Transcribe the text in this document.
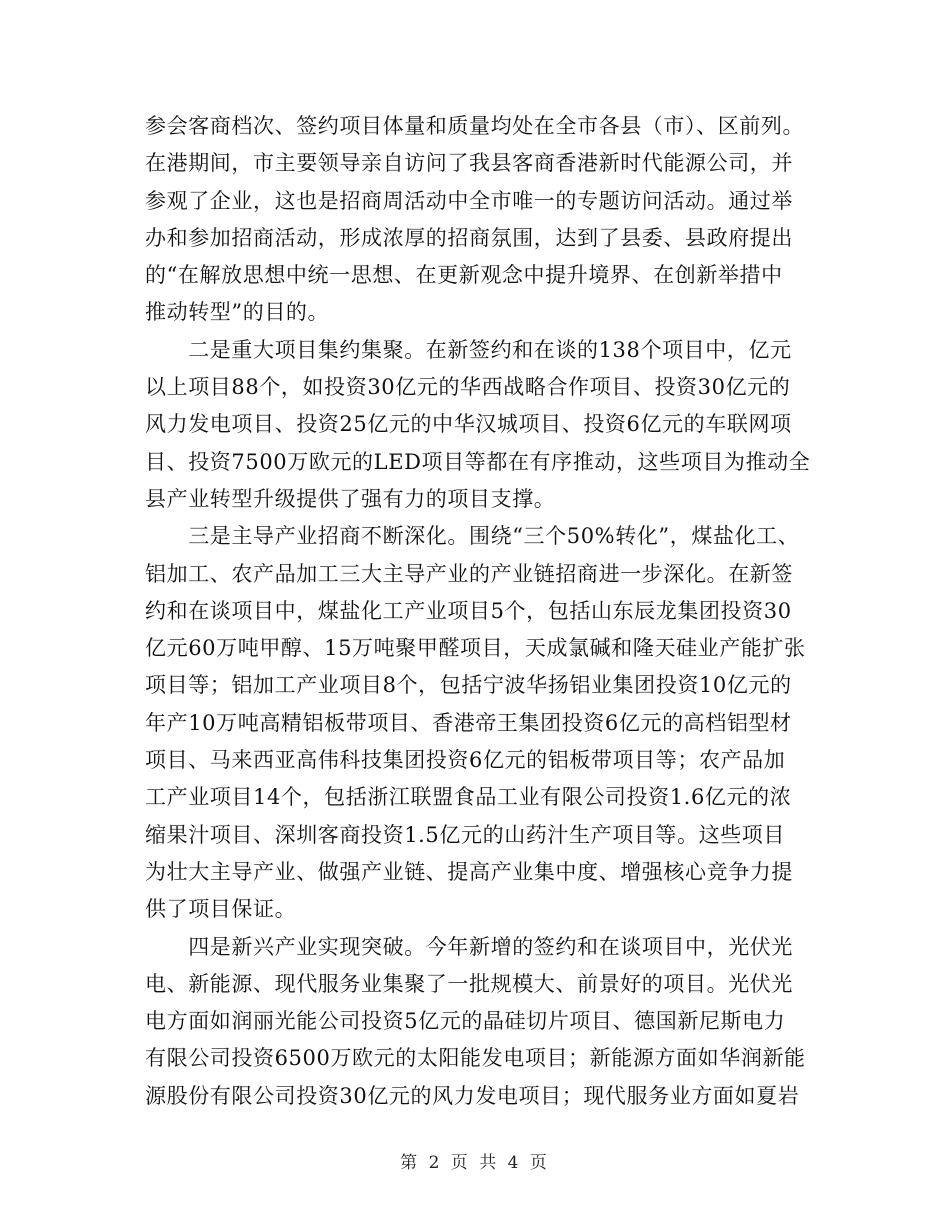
参会客商档次、签约项目体量和质量均处在全市各县（市）、区前列。
在港期间，市主要领导亲自访问了我县客商香港新时代能源公司，并
参观了企业，这也是招商周活动中全市唯一的专题访问活动。通过举
办和参加招商活动，形成浓厚的招商氛围，达到了县委、县政府提出
的“在解放思想中统一思想、在更新观念中提升境界、在创新举措中
推动转型”的目的。
　　二是重大项目集约集聚。在新签约和在谈的138个项目中，亿元
以上项目88个，如投资30亿元的华西战略合作项目、投资30亿元的
风力发电项目、投资25亿元的中华汉城项目、投资6亿元的车联网项
目、投资7500万欧元的LED项目等都在有序推动，这些项目为推动全
县产业转型升级提供了强有力的项目支撑。
　　三是主导产业招商不断深化。围绕“三个50%转化”，煤盐化工、
铝加工、农产品加工三大主导产业的产业链招商进一步深化。在新签
约和在谈项目中，煤盐化工产业项目5个，包括山东辰龙集团投资30
亿元60万吨甲醇、15万吨聚甲醛项目，天成氯碱和隆天硅业产能扩张
项目等；铝加工产业项目8个，包括宁波华扬铝业集团投资10亿元的
年产10万吨高精铝板带项目、香港帝王集团投资6亿元的高档铝型材
项目、马来西亚高伟科技集团投资6亿元的铝板带项目等；农产品加
工产业项目14个，包括浙江联盟食品工业有限公司投资1.6亿元的浓
缩果汁项目、深圳客商投资1.5亿元的山药汁生产项目等。这些项目
为壮大主导产业、做强产业链、提高产业集中度、增强核心竞争力提
供了项目保证。
　　四是新兴产业实现突破。今年新增的签约和在谈项目中，光伏光
电、新能源、现代服务业集聚了一批规模大、前景好的项目。光伏光
电方面如润丽光能公司投资5亿元的晶硅切片项目、德国新尼斯电力
有限公司投资6500万欧元的太阳能发电项目；新能源方面如华润新能
源股份有限公司投资30亿元的风力发电项目；现代服务业方面如夏岩
第 2 页 共 4 页
